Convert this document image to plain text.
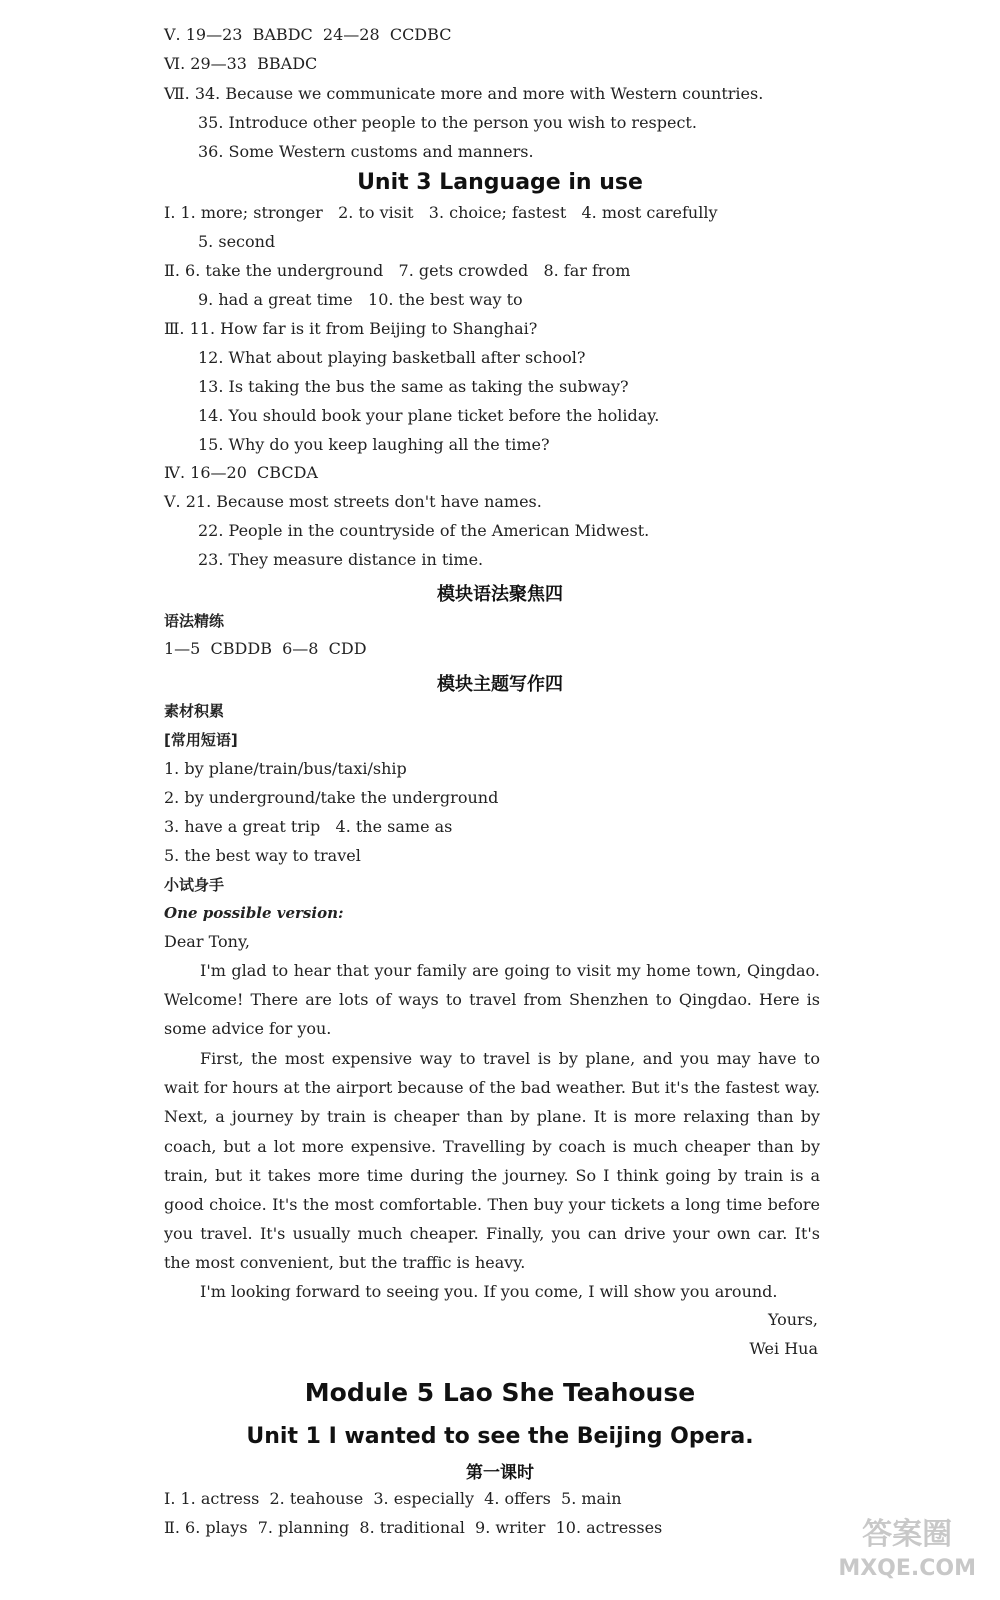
Ⅴ. 19—23  BABDC  24—28  CCDBC
Ⅵ. 29—33  BBADC
Ⅶ. 34. Because we communicate more and more with Western countries.
35. Introduce other people to the person you wish to respect.
36. Some Western customs and manners.
Unit 3 Language in use
Ⅰ. 1. more; stronger   2. to visit   3. choice; fastest   4. most carefully
5. second
Ⅱ. 6. take the underground   7. gets crowded   8. far from
9. had a great time   10. the best way to
Ⅲ. 11. How far is it from Beijing to Shanghai?
12. What about playing basketball after school?
13. Is taking the bus the same as taking the subway?
14. You should book your plane ticket before the holiday.
15. Why do you keep laughing all the time?
Ⅳ. 16—20  CBCDA
Ⅴ. 21. Because most streets don't have names.
22. People in the countryside of the American Midwest.
23. They measure distance in time.
模块语法聚焦四
语法精练
1—5  CBDDB  6—8  CDD
模块主题写作四
素材积累
[常用短语]
1. by plane/train/bus/taxi/ship
2. by underground/take the underground
3. have a great trip   4. the same as
5. the best way to travel
小试身手
One possible version:
Dear Tony,

I'm glad to hear that your family are going to visit my home town, Qingdao. Welcome! There are lots of ways to travel from Shenzhen to Qingdao. Here is some advice for you.

First, the most expensive way to travel is by plane, and you may have to wait for hours at the airport because of the bad weather. But it's the fastest way. Next, a journey by train is cheaper than by plane. It is more relaxing than by coach, but a lot more expensive. Travelling by coach is much cheaper than by train, but it takes more time during the journey. So I think going by train is a good choice. It's the most comfortable. Then buy your tickets a long time before you travel. It's usually much cheaper. Finally, you can drive your own car. It's the most convenient, but the traffic is heavy.

I'm looking forward to seeing you. If you come, I will show you around.

Yours,
Wei Hua
Module 5 Lao She Teahouse
Unit 1 I wanted to see the Beijing Opera.
第一课时
Ⅰ. 1. actress  2. teahouse  3. especially  4. offers  5. main
Ⅱ. 6. plays  7. planning  8. traditional  9. writer  10. actresses	答案圈
MXQE.COM
